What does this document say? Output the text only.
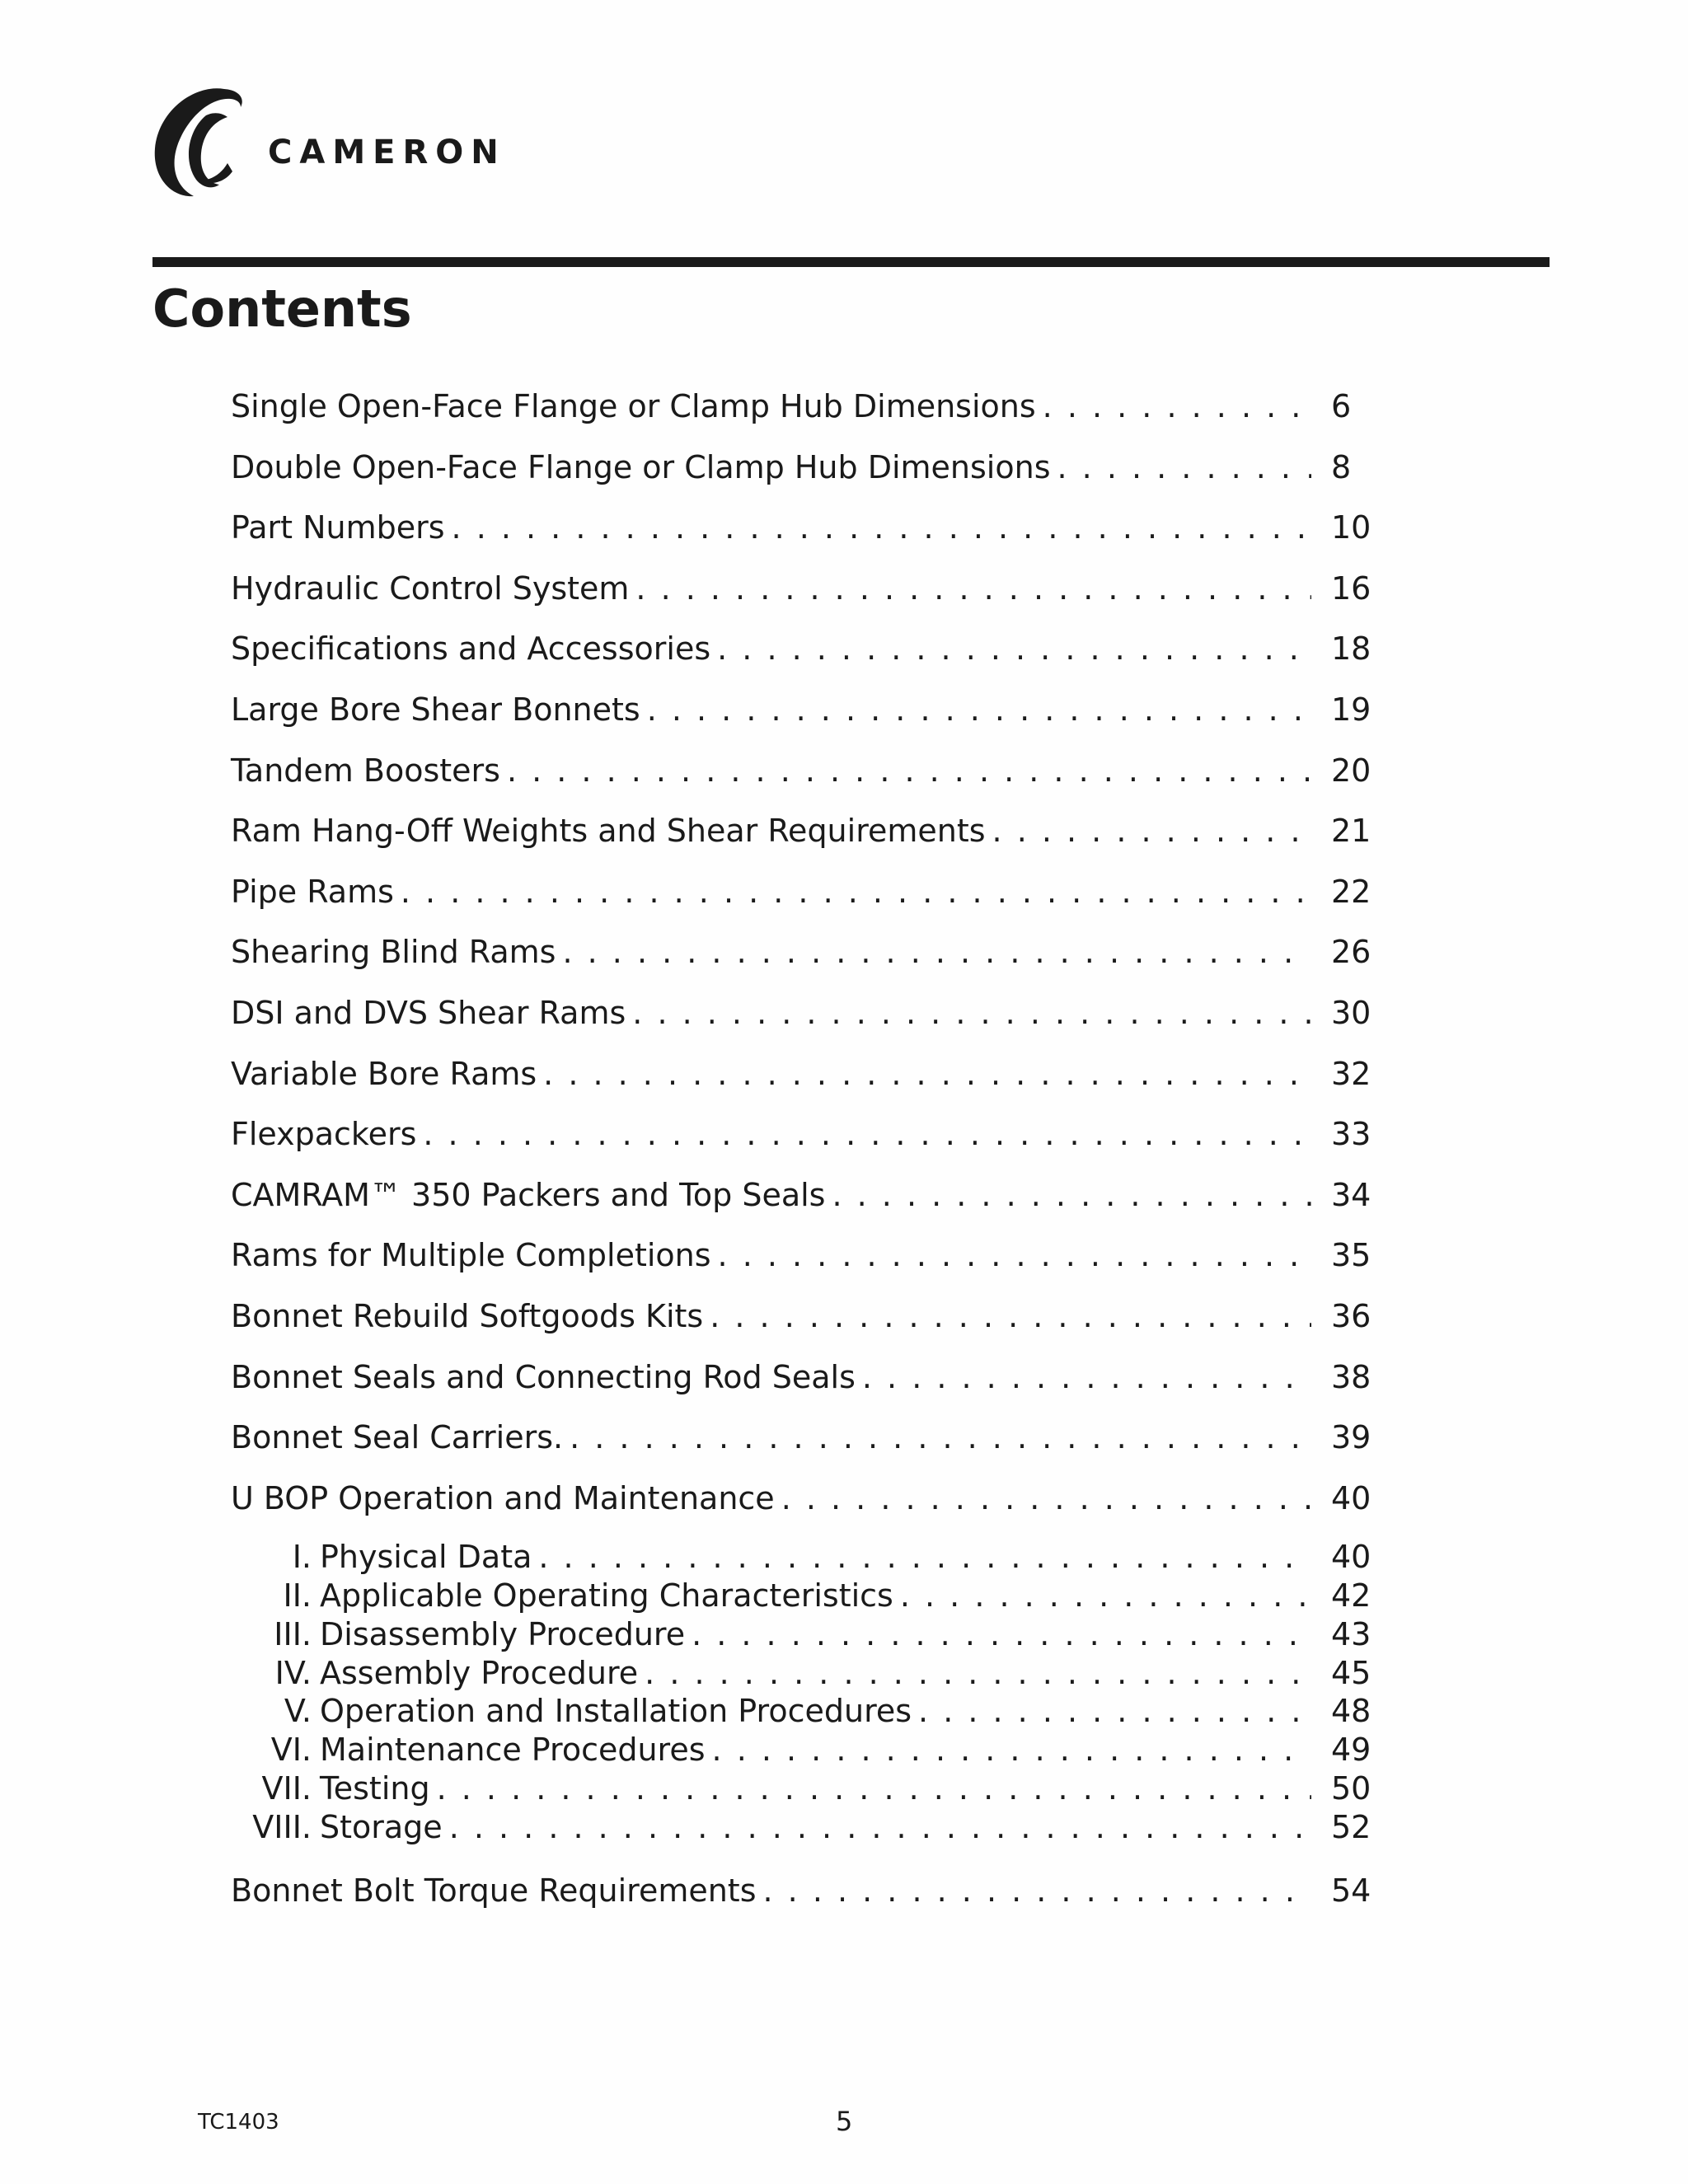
CAMERON
Contents
Single Open-Face Flange or Clamp Hub Dimensions . . .	6
Double Open-Face Flange or Clamp Hub Dimensions . . .	8
Part Numbers . . .	10
Hydraulic Control System . . .	16
Specifications and Accessories . . .	18
Large Bore Shear Bonnets . . .	19
Tandem Boosters . . .	20
Ram Hang-Off Weights and Shear Requirements . . .	21
Pipe Rams . . .	22
Shearing Blind Rams . . .	26
DSI and DVS Shear Rams . . .	30
Variable Bore Rams . . .	32
Flexpackers . . .	33
CAMRAM™ 350 Packers and Top Seals . . .	34
Rams for Multiple Completions . . .	35
Bonnet Rebuild Softgoods Kits . . .	36
Bonnet Seals and Connecting Rod Seals . . .	38
Bonnet Seal Carriers. . . .	39
U BOP Operation and Maintenance . . .	40
I. Physical Data . . .	40
II. Applicable Operating Characteristics . . .	42
III. Disassembly Procedure . . .	43
IV. Assembly Procedure . . .	45
V. Operation and Installation Procedures . . .	48
VI. Maintenance Procedures . . .	49
VII. Testing . . .	50
VIII. Storage . . .	52
Bonnet Bolt Torque Requirements . . .	54
TC1403	5
